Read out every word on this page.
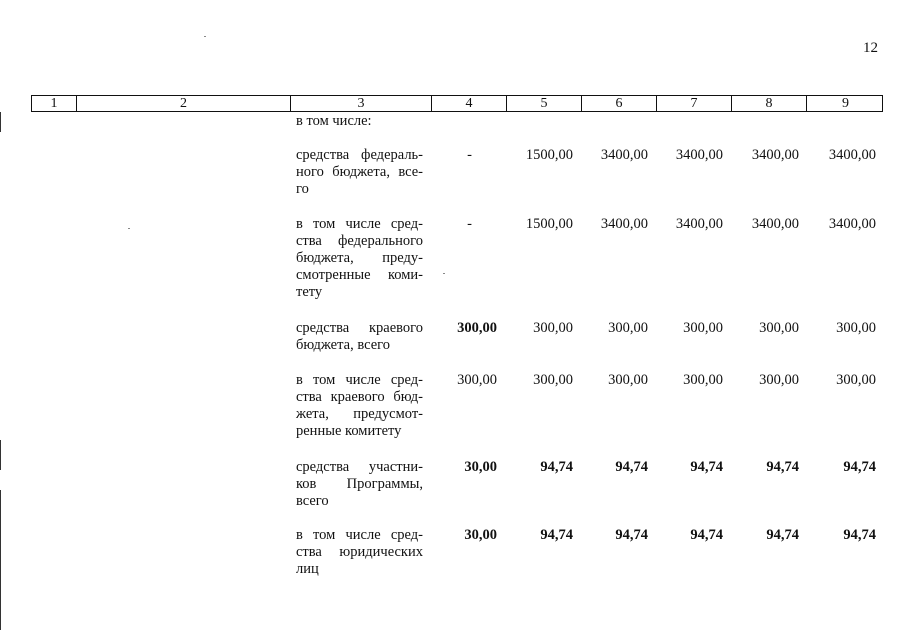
12
1	2	3	4	5	6	7	8	9
в том числе:
средства федераль-ного бюджета, все-го
-	1500,00	3400,00	3400,00	3400,00	3400,00
в том числе сред-ства федерального бюджета, преду-смотренные коми-тету
-	1500,00	3400,00	3400,00	3400,00	3400,00
средства краевого бюджета, всего
300,00	300,00	300,00	300,00	300,00	300,00
в том числе сред-ства краевого бюд-жета, предусмот-ренные комитету
300,00	300,00	300,00	300,00	300,00	300,00
средства участни-ков Программы, всего
30,00	94,74	94,74	94,74	94,74	94,74
в том числе сред-ства юридических лиц
30,00	94,74	94,74	94,74	94,74	94,74
